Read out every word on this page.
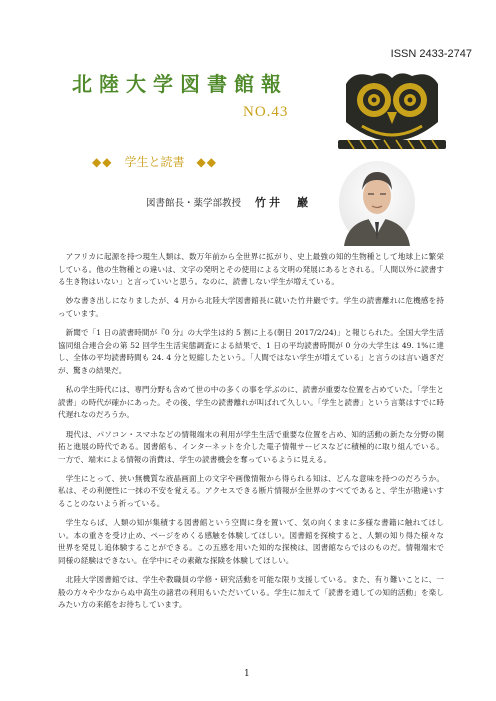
ISSN 2433-2747
北陸大学図書館報
NO.43
◆◆ 学生と読書 ◆◆
図書館長・薬学部教授 竹井　巖

アフリカに起源を持つ現生人類は、数万年前から全世界に拡がり、史上最強の知的生物種として地球上に繁栄している。他の生物種との違いは、文字の発明とその使用による文明の発展にあるとされる。「人間以外に読書する生き物はいない」と言っていいと思う。なのに、読書しない学生が増えている。

妙な書き出しになりましたが、4 月から北陸大学図書館長に就いた竹井巖です。学生の読書離れに危機感を持っています。

新聞で「1 日の読書時間が『0 分』の大学生は約 5 割に上る(朝日 2017/2/24)」と報じられた。全国大学生活協同組合連合会の第 52 回学生生活実態調査による結果で、1 日の平均読書時間が 0 分の大学生は 49. 1%に達し、全体の平均読書時間も 24. 4 分と短縮したという。「人間ではない学生が増えている」と言うのは言い過ぎだが、驚きの結果だ。

私の学生時代には、専門分野も含めて世の中の多くの事を学ぶのに、読書が重要な位置を占めていた。「学生と読書」の時代が確かにあった。その後、学生の読書離れが叫ばれて久しい。「学生と読書」という言葉はすでに時代遅れなのだろうか。

現代は、パソコン・スマホなどの情報端末の利用が学生生活で重要な位置を占め、知的活動の新たな分野の開拓と進展の時代である。図書館も、インターネットを介した電子情報サービスなどに積極的に取り組んでいる。一方で、端末による情報の消費は、学生の読書機会を奪っているように見える。

学生にとって、狭い無機質な液晶画面上の文字や画像情報から得られる知は、どんな意味を持つのだろうか。私は、その利便性に一抹の不安を覚える。アクセスできる断片情報が全世界のすべてであると、学生が勘違いすることのないよう祈っている。

学生ならば、人類の知が集積する図書館という空間に身を置いて、気の向くままに多様な書籍に触れてほしい。本の重さを受け止め、ページをめくる感触を体験してほしい。図書館を探検すると、人類の知り得た様々な世界を発見し追体験することができる。この五感を用いた知的な探検は、図書館ならではのものだ。情報端末で同様の経験はできない。在学中にその素敵な探険を体験してほしい。

北陸大学図書館では、学生や教職員の学修・研究活動を可能な限り支援している。また、有り難いことに、一般の方々や少なからぬ中高生の諸君の利用もいただいている。学生に加えて「読書を通しての知的活動」を楽しみたい方の来館をお待ちしています。

1
